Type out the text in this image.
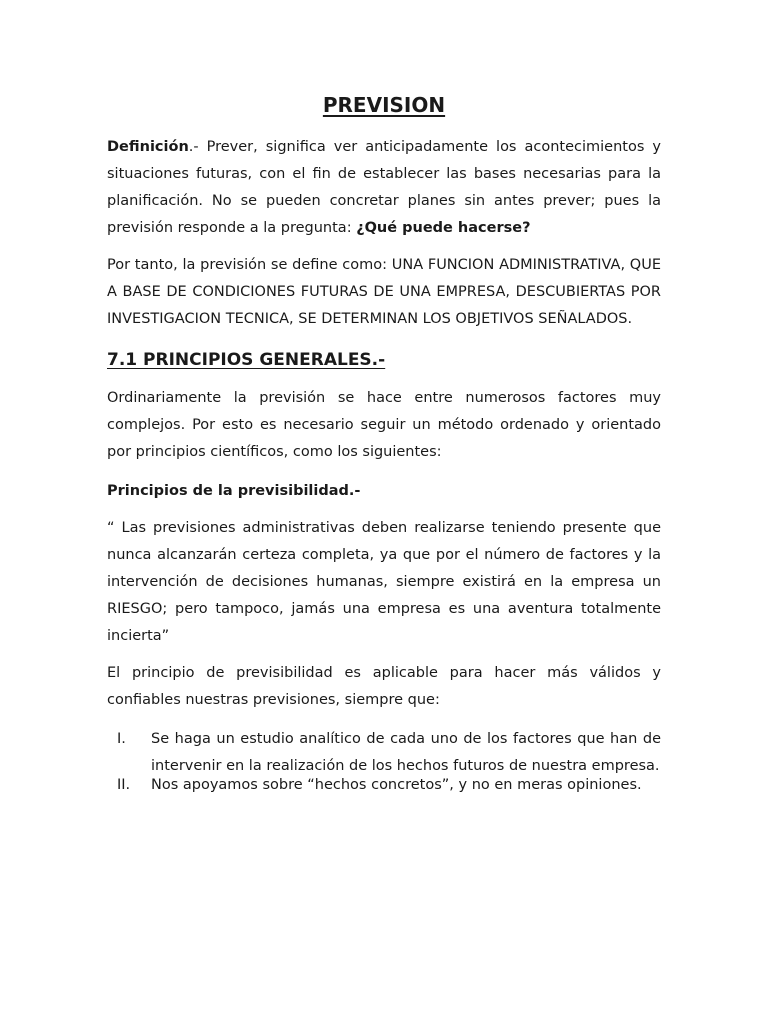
PREVISION

Definición.- Prever, significa ver anticipadamente los acontecimientos y situaciones futuras, con el fin de establecer las bases necesarias para la planificación. No se pueden concretar planes sin antes prever; pues la previsión responde a la pregunta: ¿Qué puede hacerse?

Por tanto, la previsión se define como: UNA FUNCION ADMINISTRATIVA, QUE A BASE DE CONDICIONES FUTURAS DE UNA EMPRESA, DESCUBIERTAS POR INVESTIGACION TECNICA, SE DETERMINAN LOS OBJETIVOS SEÑALADOS.

7.1 PRINCIPIOS GENERALES.-

Ordinariamente la previsión se hace entre numerosos factores muy complejos. Por esto es necesario seguir un método ordenado y orientado por principios científicos, como los siguientes:

Principios de la previsibilidad.-

“ Las previsiones administrativas deben realizarse teniendo presente que nunca alcanzarán certeza completa, ya que por el número de factores y la intervención de decisiones humanas, siempre existirá en la empresa un RIESGO; pero tampoco, jamás una empresa es una aventura totalmente incierta”

El principio de previsibilidad es aplicable para hacer más válidos y confiables nuestras previsiones, siempre que:

I.	Se haga un estudio analítico de cada uno de los factores que han de intervenir en la realización de los hechos futuros de nuestra empresa.
II.	Nos apoyamos sobre “hechos concretos”, y no en meras opiniones.
